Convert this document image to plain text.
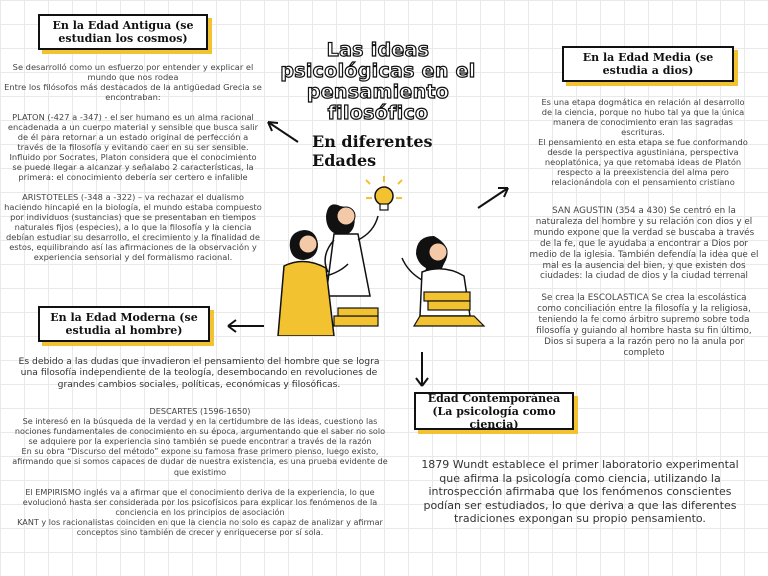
Las ideas psicológicas en el pensamiento filosófico
En diferentes Edades
En la Edad Antigua (se estudian los cosmos)
Se desarrolló como un esfuerzo por entender y explicar el mundo que nos rodea
Entre los filósofos más destacados de la antigüedad Grecia se encontraban:

PLATON (-427 a -347) - el ser humano es un alma racional encadenada a un cuerpo material y sensible que busca salir de él para retornar a un estado original de perfección a través de la filosofía y evitando caer en su ser sensible. Influido por Socrates, Platon considera que el conocimiento se puede llegar a alcanzar y señalabo 2 características, la primera: el conocimiento debería ser certero e infalible

ARISTOTELES (-348 a -322) – va rechazar el dualismo haciendo hincapié en la biología, el mundo estaba compuesto por individuos (sustancias) que se presentaban en tiempos naturales fijos (especies), a lo que la filosofía y la ciencia debían estudiar su desarrollo, el crecimiento y la finalidad de estos, equilibrando así las afirmaciones de la observación y experiencia sensorial y del formalismo racional.
En la Edad Media (se estudia a dios)
Es una etapa dogmática en relación al desarrollo de la ciencia, porque no hubo tal ya que la única manera de conocimiento eran las sagradas escrituras.
El pensamiento en esta etapa se fue conformando desde la perspectiva agustiniana, perspectiva neoplatónica, ya que retomaba ideas de Platón respecto a la preexistencia del alma pero relacionándola con el pensamiento cristiano
SAN AGUSTIN (354 a 430) Se centró en la naturaleza del hombre y su relación con dios y el mundo expone que la verdad se buscaba a través de la fe, que le ayudaba a encontrar a Dios por medio de la iglesia. También defendía la idea que el mal es la ausencia del bien, y que existen dos ciudades: la ciudad de dios y la ciudad terrenal

Se crea la ESCOLASTICA Se crea la escolástica como conciliación entre la filosofía y la religiosa, teniendo la fe como árbitro supremo sobre toda filosofía y guiando al hombre hasta su fin último, Dios si supera a la razón pero no la anula por completo
En la Edad Moderna (se estudia al hombre)
Es debido a las dudas que invadieron el pensamiento del hombre que se logra una filosofía independiente de la teología, desembocando en revoluciones de grandes cambios sociales, políticas, económicas y filosóficas.
DESCARTES (1596-1650)
Se interesó en la búsqueda de la verdad y en la certidumbre de las ideas, cuestiono las nociones fundamentales de conocimiento en su época, argumentando que el saber no solo se adquiere por la experiencia sino también se puede encontrar a través de la razón
En su obra “Discurso del método” expone su famosa frase primero pienso, luego existo, afirmando que si somos capaces de dudar de nuestra existencia, es una prueba evidente de que existimo

El EMPIRISMO inglés va a afirmar que el conocimiento deriva de la experiencia, lo que evolucionó hasta ser considerada por los psicofísicos para explicar los fenómenos de la conciencia en los principios de asociación
KANT y los racionalistas coinciden en que la ciencia no solo es capaz de analizar y afirmar conceptos sino también de crecer y enriquecerse por sí sola.
Edad Contemporánea (La psicología como ciencia)
1879 Wundt establece el primer laboratorio experimental que afirma la psicología como ciencia, utilizando la introspección afirmaba que los fenómenos conscientes podían ser estudiados, lo que deriva a que las diferentes tradiciones expongan su propio pensamiento.
